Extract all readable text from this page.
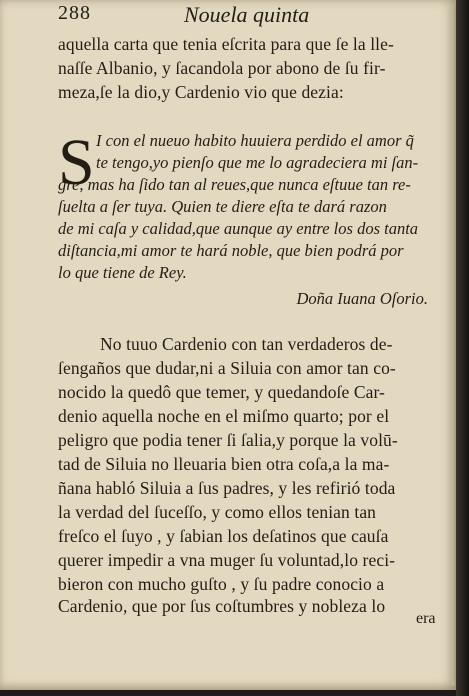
288	Nouela quinta
aquella carta que tenia eſcrita para que ſe la lle-
naſſe Albanio, y ſacandola por abono de ſu fir-
meza,ſe la dio,y Cardenio vio que dezia:
S I con el nueuo habito huuiera perdido el amor q̃
te tengo,yo pienſo que me lo agradeciera mi ſan-
gre, mas ha ſido tan al reues,que nunca eſtuue tan re-
ſuelta a ſer tuya. Quien te diere eſta te dará razon
de mi caſa y calidad,que aunque ay entre los dos tanta
diſtancia,mi amor te hará noble, que bien podrá por
lo que tiene de Rey.
Doña Iuana Oſorio.
No tuuo Cardenio con tan verdaderos de-
ſengaños que dudar,ni a Siluia con amor tan co-
nocido la quedô que temer, y quedandoſe Car-
denio aquella noche en el miſmo quarto; por el
peligro que podia tener ſi ſalia,y porque la volū-
tad de Siluia no lleuaria bien otra coſa,a la ma-
ñana habló Siluia a ſus padres, y les refirió toda
la verdad del ſuceſſo, y como ellos tenian tan
freſco el ſuyo , y ſabian los deſatinos que cauſa
querer impedir a vna muger ſu voluntad,lo reci-
bieron con mucho guſto , y ſu padre conocio a
Cardenio, que por ſus coſtumbres y nobleza lo
era
